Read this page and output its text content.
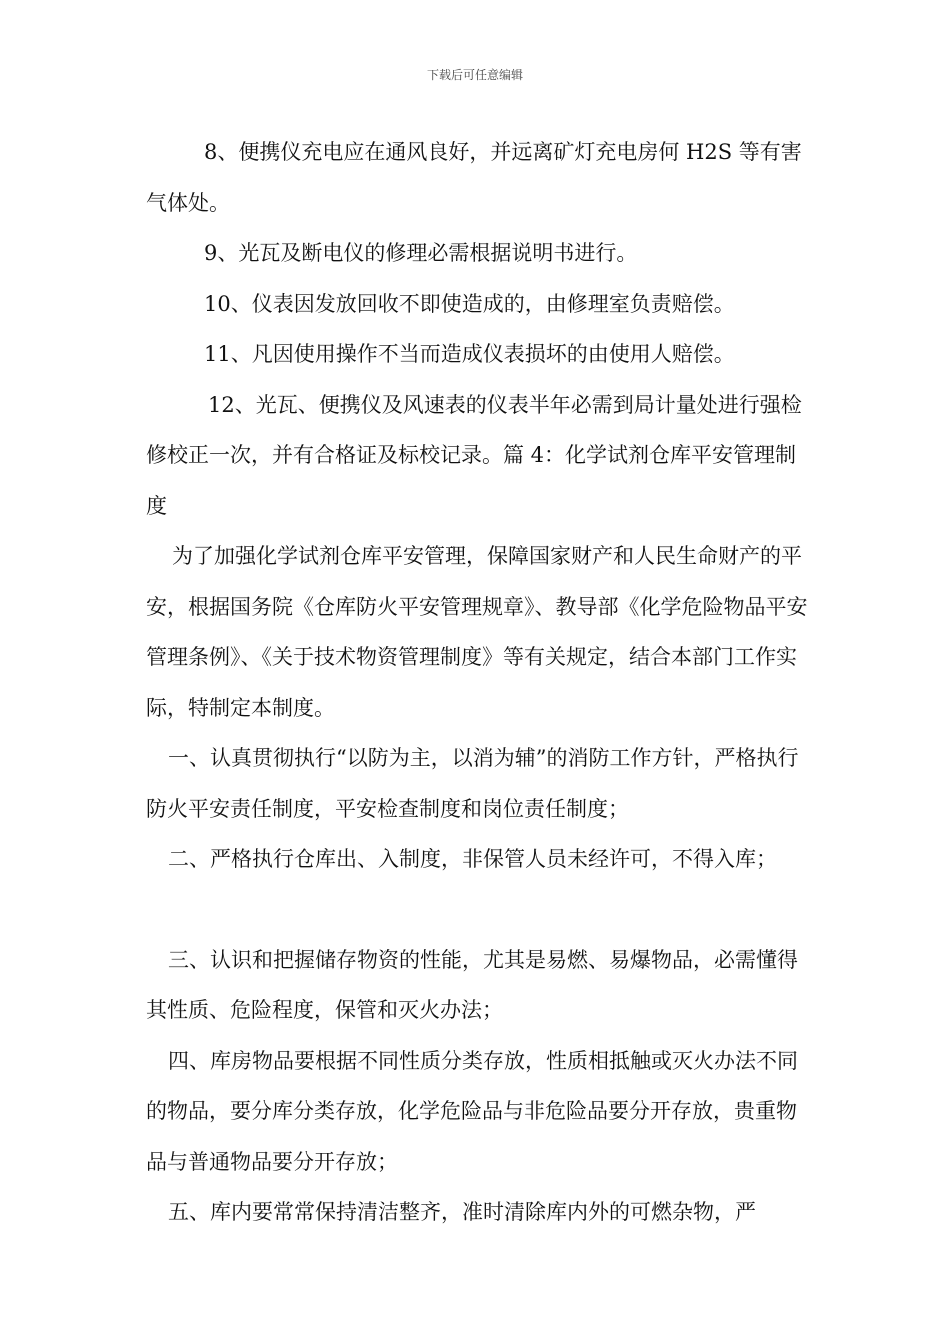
下载后可任意编辑

8、便携仪充电应在通风良好，并远离矿灯充电房何 H2S 等有害气体处。

9、光瓦及断电仪的修理必需根据说明书进行。

10、仪表因发放回收不即使造成的，由修理室负责赔偿。

11、凡因使用操作不当而造成仪表损坏的由使用人赔偿。

12、光瓦、便携仪及风速表的仪表半年必需到局计量处进行强检修校正一次，并有合格证及标校记录。篇 4：化学试剂仓库平安管理制度

为了加强化学试剂仓库平安管理，保障国家财产和人民生命财产的平安，根据国务院《仓库防火平安管理规章》、教导部《化学危险物品平安管理条例》、《关于技术物资管理制度》等有关规定，结合本部门工作实际，特制定本制度。

一、认真贯彻执行“以防为主，以消为辅”的消防工作方针，严格执行防火平安责任制度，平安检查制度和岗位责任制度；

二、严格执行仓库出、入制度，非保管人员未经许可，不得入库；

三、认识和把握储存物资的性能，尤其是易燃、易爆物品，必需懂得其性质、危险程度，保管和灭火办法；

四、库房物品要根据不同性质分类存放，性质相抵触或灭火办法不同的物品，要分库分类存放，化学危险品与非危险品要分开存放，贵重物品与普通物品要分开存放；

五、库内要常常保持清洁整齐，准时清除库内外的可燃杂物，严
